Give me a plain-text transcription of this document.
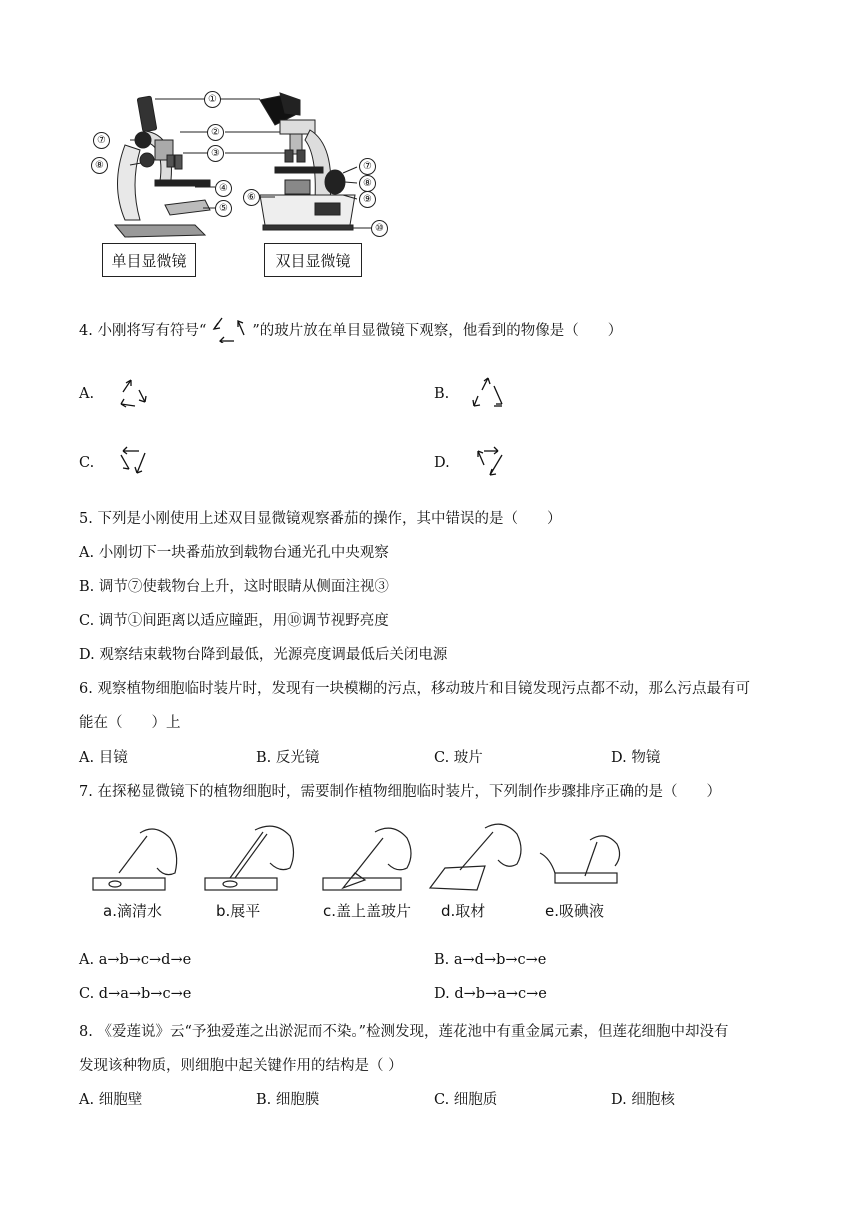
①
②
③
④
⑤
⑦
⑧
⑥
⑦
⑧
⑨
⑩
单目显微镜	双目显微镜
4. 小刚将写有符号“	”的玻片放在单目显微镜下观察，他看到的物像是（　　）
A.	B.
C.	D.
5. 下列是小刚使用上述双目显微镜观察番茄的操作，其中错误的是（　　）
A. 小刚切下一块番茄放到载物台通光孔中央观察
B. 调节⑦使载物台上升，这时眼睛从侧面注视③
C. 调节①间距离以适应瞳距，用⑩调节视野亮度
D. 观察结束载物台降到最低，光源亮度调最低后关闭电源
6. 观察植物细胞临时装片时，发现有一块模糊的污点，移动玻片和目镜发现污点都不动，那么污点最有可
能在（　　）上
A. 目镜	B. 反光镜	C. 玻片	D. 物镜
7. 在探秘显微镜下的植物细胞时，需要制作植物细胞临时装片，下列制作步骤排序正确的是（　　）
a.滴清水	b.展平	c.盖上盖玻片 d.取材	e.吸碘液
A. a→b→c→d→e	B. a→d→b→c→e
C. d→a→b→c→e	D. d→b→a→c→e
8. 《爱莲说》云“予独爱莲之出淤泥而不染。”检测发现，莲花池中有重金属元素，但莲花细胞中却没有
发现该种物质，则细胞中起关键作用的结构是（ ）
A. 细胞壁	B. 细胞膜	C. 细胞质	D. 细胞核
